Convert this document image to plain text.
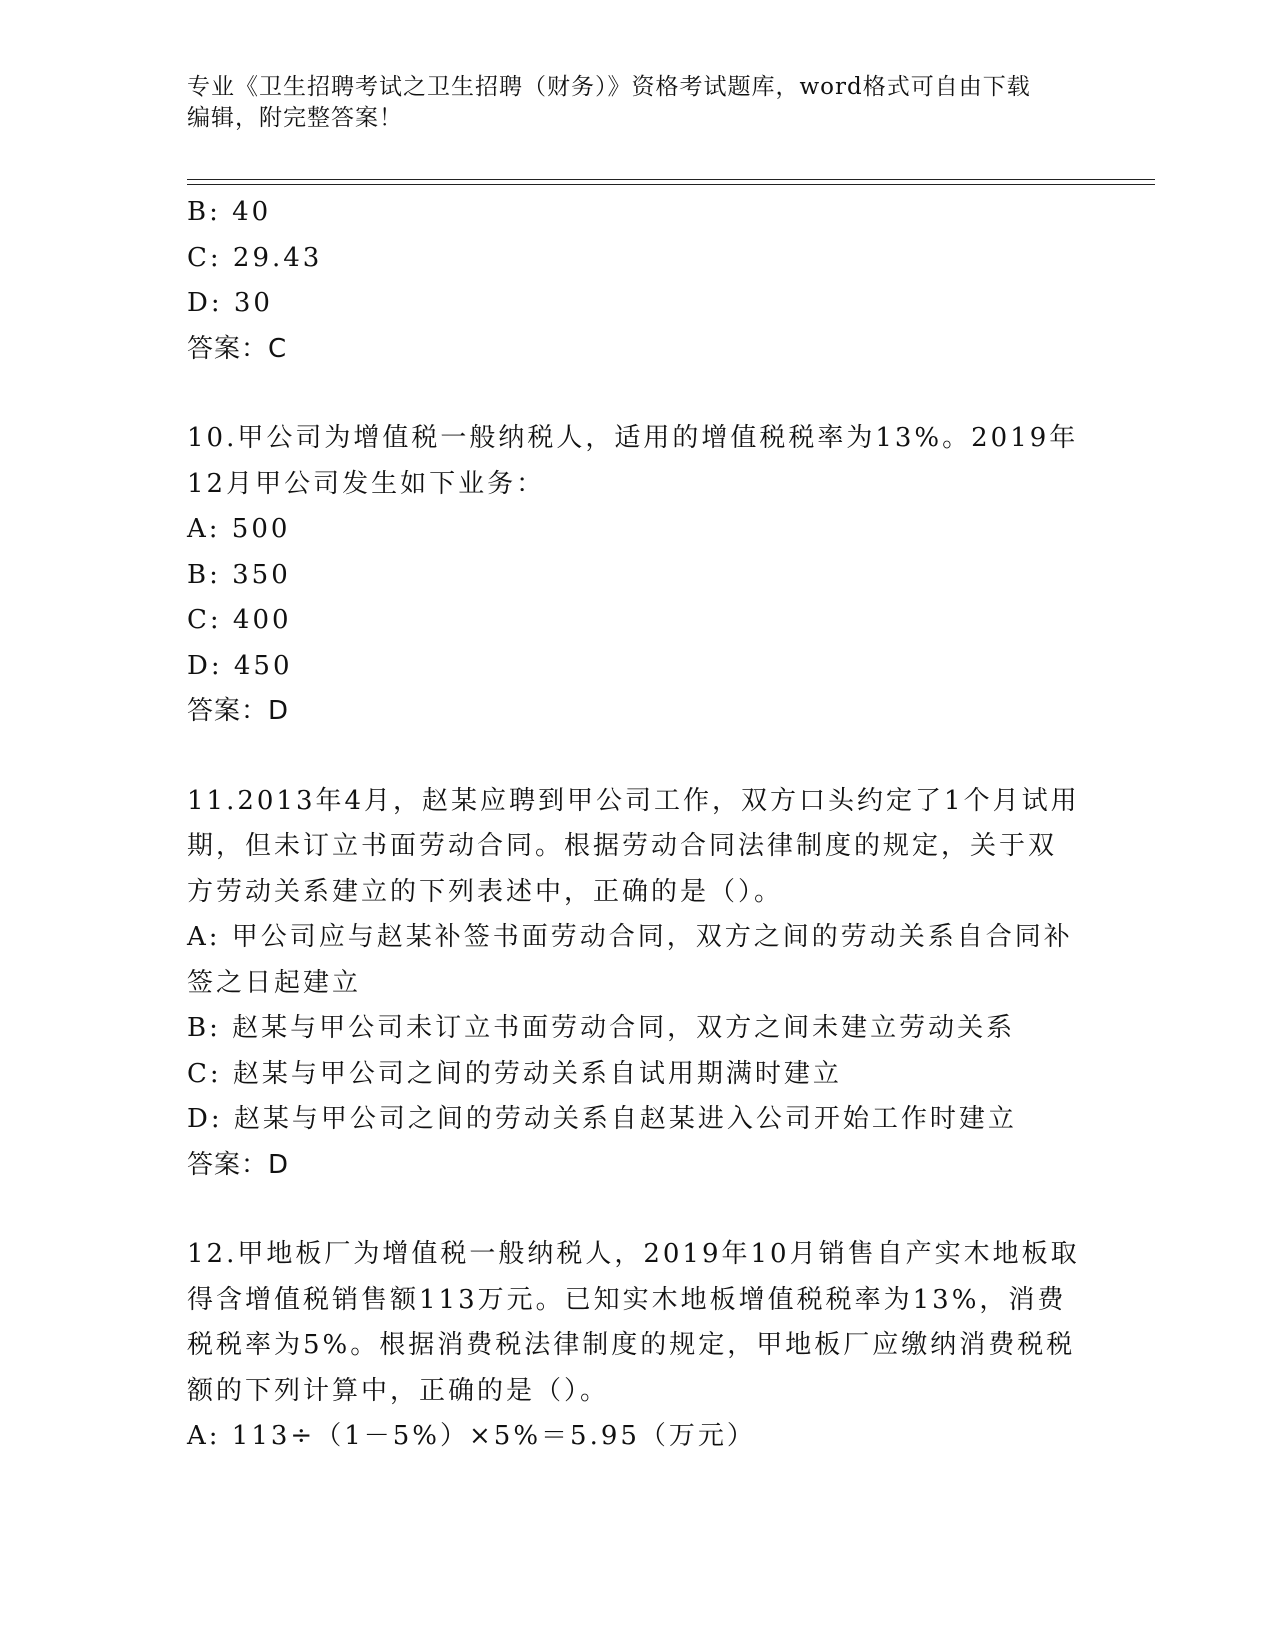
专业《卫生招聘考试之卫生招聘（财务）》资格考试题库，word格式可自由下载
编辑，附完整答案！
B: 40
C: 29.43
D: 30
答案：C
10.甲公司为增值税一般纳税人，适用的增值税税率为13%。2019年
12月甲公司发生如下业务：
A: 500
B: 350
C: 400
D: 450
答案：D
11.2013年4月，赵某应聘到甲公司工作，双方口头约定了1个月试用
期，但未订立书面劳动合同。根据劳动合同法律制度的规定，关于双
方劳动关系建立的下列表述中，正确的是（）。
A: 甲公司应与赵某补签书面劳动合同，双方之间的劳动关系自合同补
签之日起建立
B: 赵某与甲公司未订立书面劳动合同，双方之间未建立劳动关系
C: 赵某与甲公司之间的劳动关系自试用期满时建立
D: 赵某与甲公司之间的劳动关系自赵某进入公司开始工作时建立
答案：D
12.甲地板厂为增值税一般纳税人，2019年10月销售自产实木地板取
得含增值税销售额113万元。已知实木地板增值税税率为13%，消费
税税率为5%。根据消费税法律制度的规定，甲地板厂应缴纳消费税税
额的下列计算中，正确的是（）。
A: 113÷（1－5%）×5%＝5.95（万元）
